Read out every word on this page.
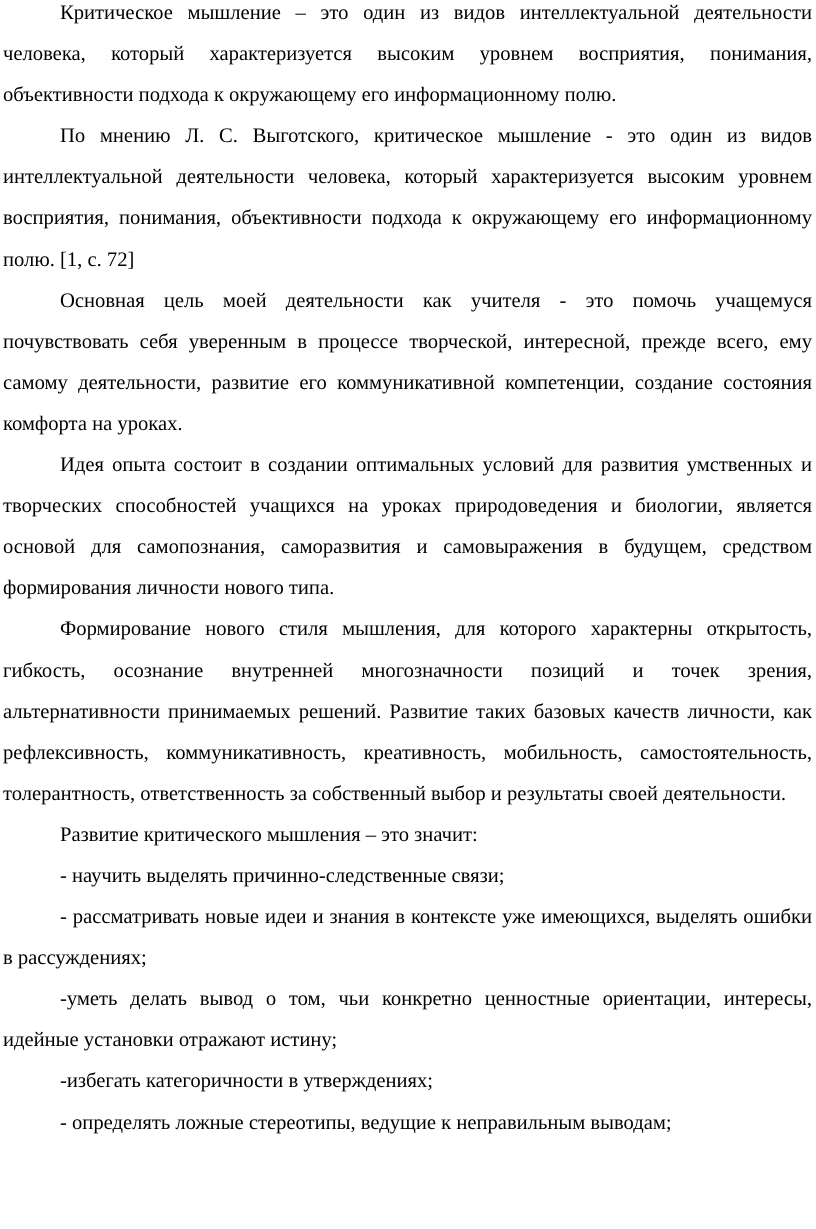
Критическое мышление – это один из видов интеллектуальной деятельности человека, который характеризуется высоким уровнем восприятия, понимания, объективности подхода к окружающему его информационному полю.

По мнению Л. С. Выготского, критическое мышление - это один из видов интеллектуальной деятельности человека, который характеризуется высоким уровнем восприятия, понимания, объективности подхода к окружающему его информационному полю. [1, с. 72]

Основная цель моей деятельности как учителя - это помочь учащемуся почувствовать себя уверенным в процессе творческой, интересной, прежде всего, ему самому деятельности, развитие его коммуникативной компетенции, создание состояния комфорта на уроках.

Идея опыта состоит в создании оптимальных условий для развития умственных и творческих способностей учащихся на уроках природоведения и биологии, является основой для самопознания, саморазвития и самовыражения в будущем, средством формирования личности нового типа.

Формирование нового стиля мышления, для которого характерны открытость, гибкость, осознание внутренней многозначности позиций и точек зрения, альтернативности принимаемых решений. Развитие таких базовых качеств личности, как рефлексивность, коммуникативность, креативность, мобильность, самостоятельность, толерантность, ответственность за собственный выбор и результаты своей деятельности.

Развитие критического мышления – это значит:

- научить выделять причинно-следственные связи;

- рассматривать новые идеи и знания в контексте уже имеющихся, выделять ошибки в рассуждениях;

-уметь делать вывод о том, чьи конкретно ценностные ориентации, интересы, идейные установки отражают истину;

-избегать категоричности в утверждениях;

- определять ложные стереотипы, ведущие к неправильным выводам;
